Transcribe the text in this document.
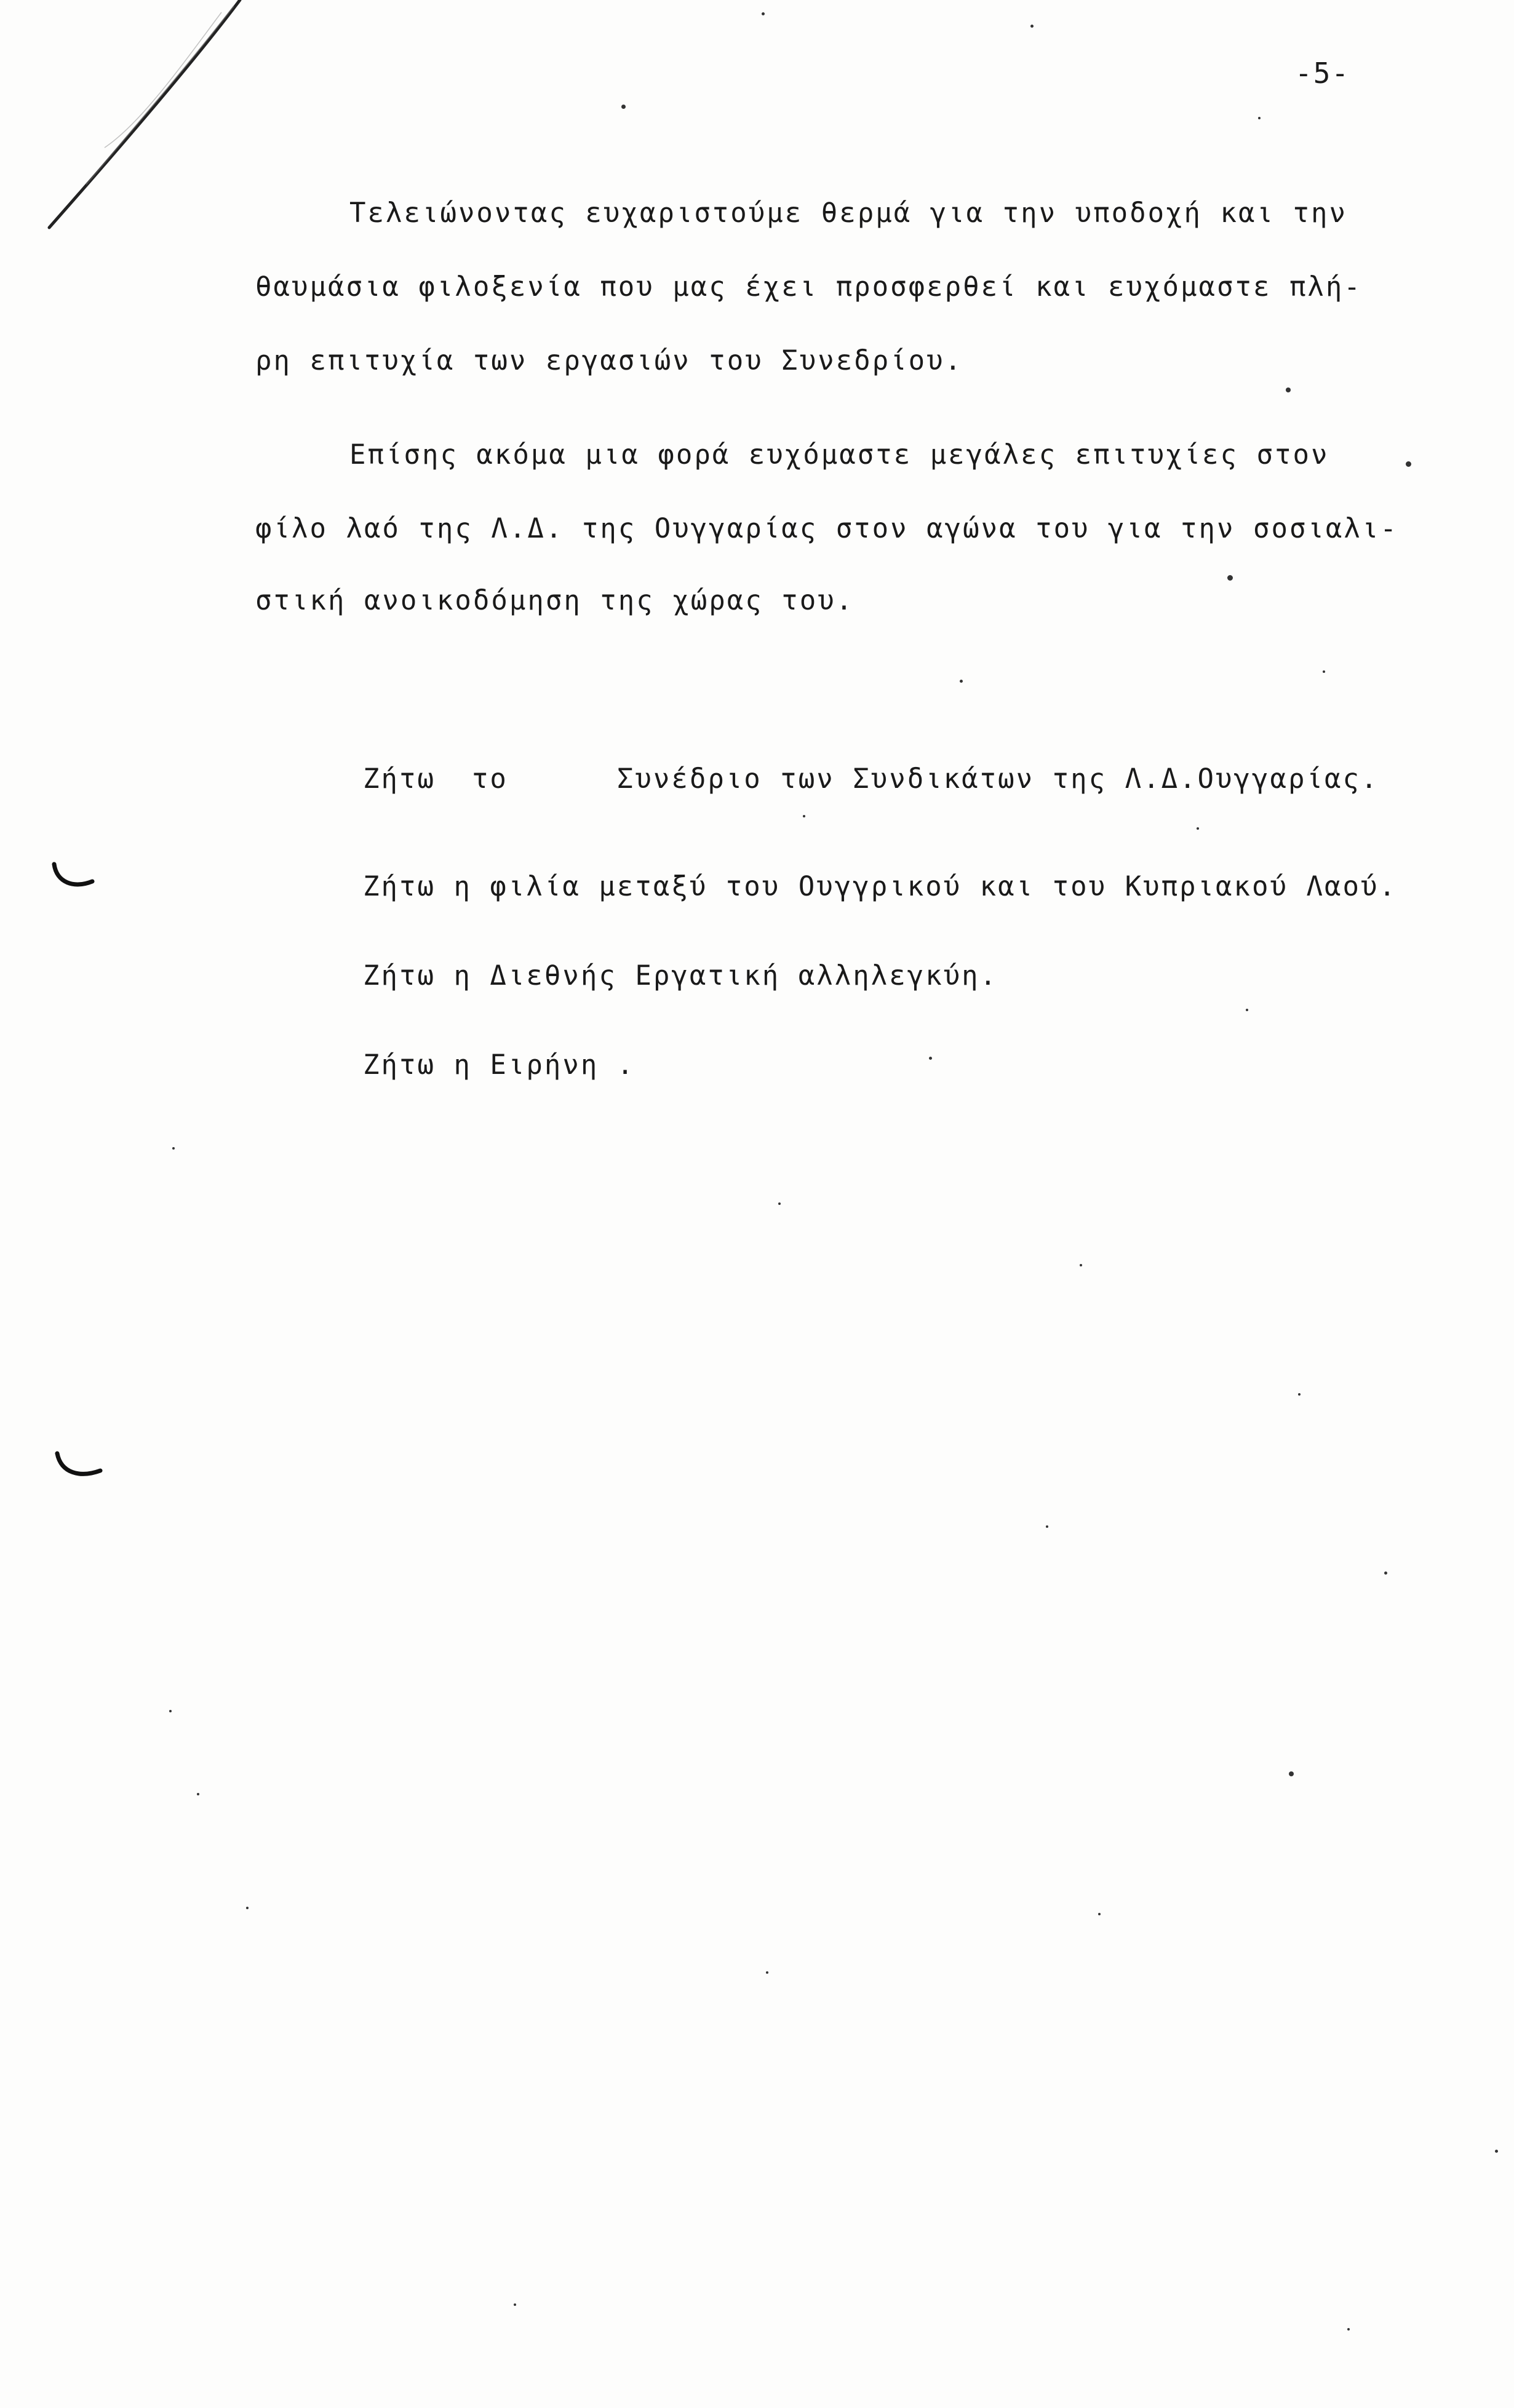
-5-
Τελειώνοντας ευχαριστούμε θερμά για την υποδοχή και την
θαυμάσια φιλοξενία που μας έχει προσφερθεί και ευχόμαστε πλή-
ρη επιτυχία των εργασιών του Συνεδρίου.
Επίσης ακόμα μια φορά ευχόμαστε μεγάλες επιτυχίες στον
φίλο λαό της Λ.Δ. της Ουγγαρίας στον αγώνα του για την σοσιαλι-
στική ανοικοδόμηση της χώρας του.
Ζήτω  το      Συνέδριο των Συνδικάτων της Λ.Δ.Ουγγαρίας.
Ζήτω η φιλία μεταξύ του Ουγγρικού και του Κυπριακού Λαού.
Ζήτω η Διεθνής Εργατική αλληλεγκύη.
Ζήτω η Ειρήνη .
